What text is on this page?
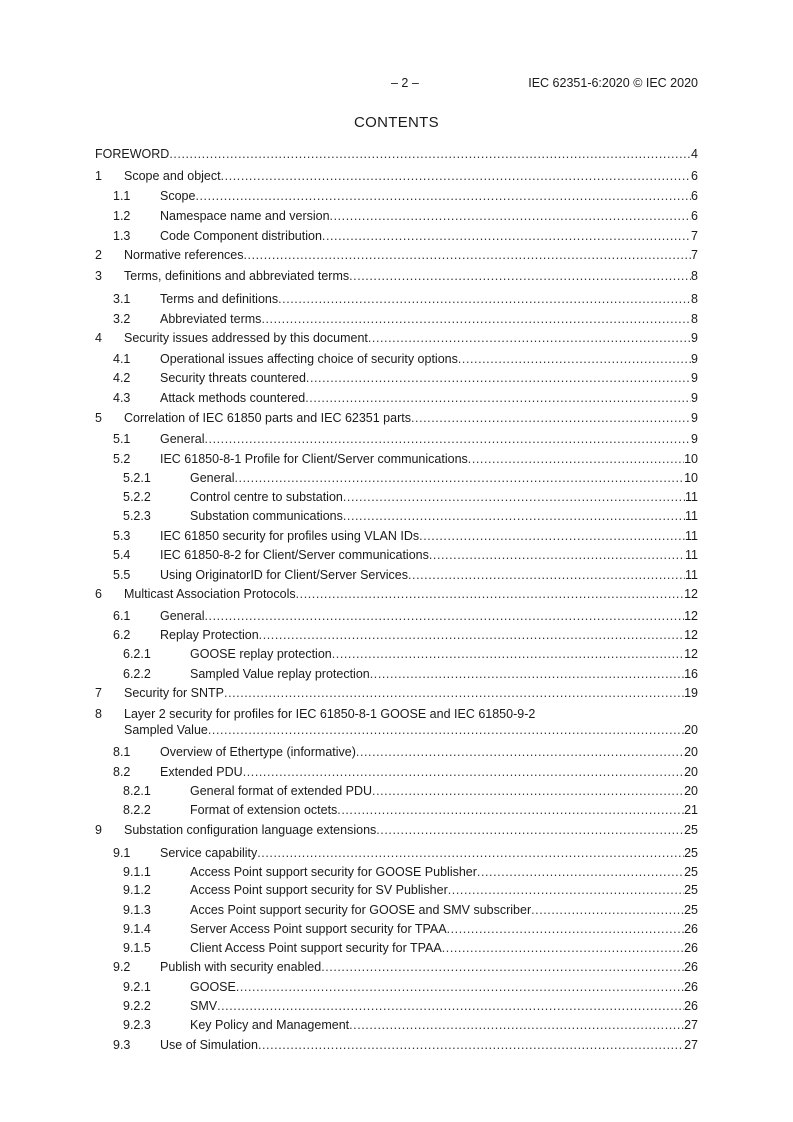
– 2 –	IEC 62351-6:2020 © IEC 2020
CONTENTS
FOREWORD . . .	4
1 Scope and object . . .	6
1.1 Scope . . .	6
1.2 Namespace name and version . . .	6
1.3 Code Component distribution . . .	7
2 Normative references . . .	7
3 Terms, definitions and abbreviated terms . . .	8
3.1 Terms and definitions . . .	8
3.2 Abbreviated terms . . .	8
4 Security issues addressed by this document . . .	9
4.1 Operational issues affecting choice of security options . . .	9
4.2 Security threats countered . . .	9
4.3 Attack methods countered . . .	9
5 Correlation of IEC 61850 parts and IEC 62351 parts . . .	9
5.1 General . . .	9
5.2 IEC 61850-8-1 Profile for Client/Server communications . . .	10
5.2.1	General . . .	10
5.2.2	Control centre to substation . . .	11
5.2.3	Substation communications . . .	11
5.3 IEC 61850 security for profiles using VLAN IDs . . .	11
5.4 IEC 61850-8-2 for Client/Server communications . . .	11
5.5 Using OriginatorID for Client/Server Services . . .	11
6 Multicast Association Protocols . . .	12
6.1 General . . .	12
6.2 Replay Protection . . .	12
6.2.1	GOOSE replay protection . . .	12
6.2.2	Sampled Value replay protection . . .	16
7 Security for SNTP . . .	19
8 Layer 2 security for profiles for IEC 61850-8-1 GOOSE and IEC 61850-9-2
Sampled Value . . .	20
8.1 Overview of Ethertype (informative) . . .	20
8.2 Extended PDU . . .	20
8.2.1	General format of extended PDU . . .	20
8.2.2	Format of extension octets . . .	21
9 Substation configuration language extensions . . .	25
9.1 Service capability . . .	25
9.1.1	Access Point support security for GOOSE Publisher . . .	25
9.1.2	Access Point support security for SV Publisher . . .	25
9.1.3	Acces Point support security for GOOSE and SMV subscriber . . .	25
9.1.4	Server Access Point support security for TPAA . . .	26
9.1.5	Client Access Point support security for TPAA . . .	26
9.2 Publish with security enabled . . .	26
9.2.1	GOOSE . . .	26
9.2.2	SMV . . .	26
9.2.3	Key Policy and Management . . .	27
9.3 Use of Simulation . . .	27
